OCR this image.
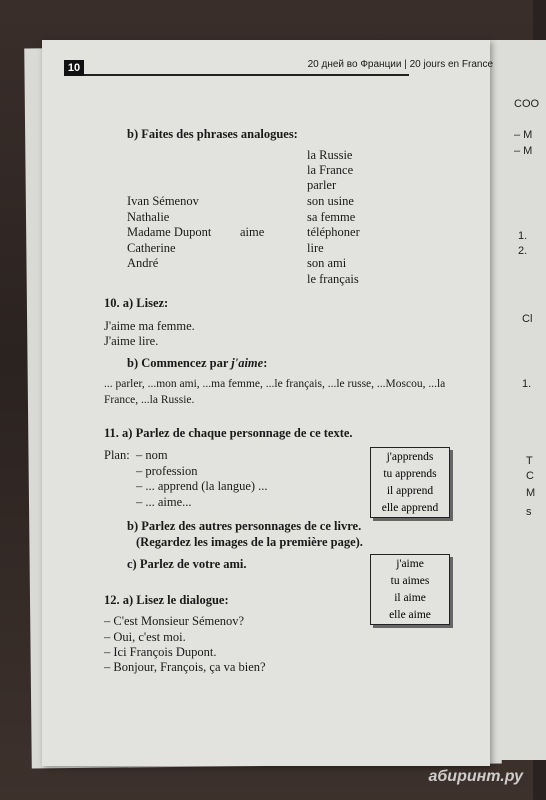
COO
– M
– M
1.
2.
Cl
1.
T
C
M
s
10	20 дней во Франции | 20 jours en France
b) Faites des phrases analogues:
Ivan Sémenov
Nathalie
Madame Dupont
Catherine
André
aime
la Russie
la France
parler
son usine
sa femme
téléphoner
lire
son ami
le français
10. a) Lisez:
J'aime ma femme.
J'aime lire.
b) Commencez par j'aime:
... parler, ...mon ami, ...ma femme, ...le français, ...le russe, ...Moscou, ...la
France, ...la Russie.
11. a) Parlez de chaque personnage de ce texte.
Plan: – nom
– profession
– ... apprend (la langue) ...
– ... aime...
j'apprends
tu apprends
il apprend
elle apprend
b) Parlez des autres personnages de ce livre.
(Regardez les images de la première page).
c) Parlez de votre ami.	j'aime
tu aimes
il aime
elle aime
12. a) Lisez le dialogue:
– C'est Monsieur Sémenov?
– Oui, c'est moi.
– Ici François Dupont.
– Bonjour, François, ça va bien?
абиринт.ру
